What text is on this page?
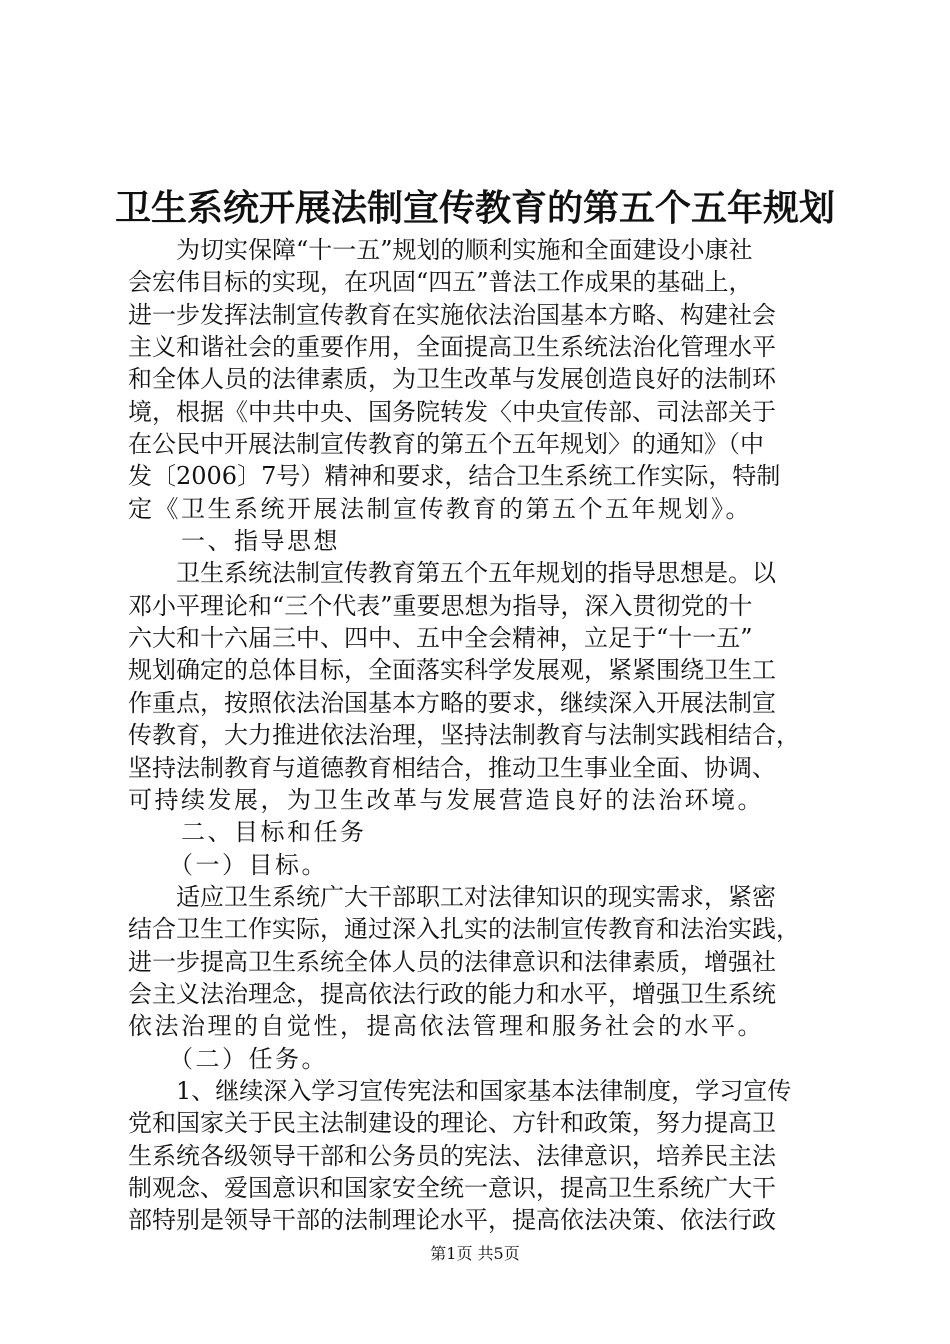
卫生系统开展法制宣传教育的第五个五年规划
　　为切实保障“十一五”规划的顺利实施和全面建设小康社
会宏伟目标的实现，在巩固“四五”普法工作成果的基础上，
进一步发挥法制宣传教育在实施依法治国基本方略、构建社会
主义和谐社会的重要作用，全面提高卫生系统法治化管理水平
和全体人员的法律素质，为卫生改革与发展创造良好的法制环
境，根据《中共中央、国务院转发〈中央宣传部、司法部关于
在公民中开展法制宣传教育的第五个五年规划〉的通知》（中
发〔2006〕7号）精神和要求，结合卫生系统工作实际，特制
定《卫生系统开展法制宣传教育的第五个五年规划》。
　　一、指导思想
　　卫生系统法制宣传教育第五个五年规划的指导思想是。以
邓小平理论和“三个代表”重要思想为指导，深入贯彻党的十
六大和十六届三中、四中、五中全会精神，立足于“十一五”
规划确定的总体目标，全面落实科学发展观，紧紧围绕卫生工
作重点，按照依法治国基本方略的要求，继续深入开展法制宣
传教育，大力推进依法治理，坚持法制教育与法制实践相结合，
坚持法制教育与道德教育相结合，推动卫生事业全面、协调、
可持续发展，为卫生改革与发展营造良好的法治环境。
　　二、目标和任务
　　（一）目标。
　　适应卫生系统广大干部职工对法律知识的现实需求，紧密
结合卫生工作实际，通过深入扎实的法制宣传教育和法治实践，
进一步提高卫生系统全体人员的法律意识和法律素质，增强社
会主义法治理念，提高依法行政的能力和水平，增强卫生系统
依法治理的自觉性，提高依法管理和服务社会的水平。
　　（二）任务。
　　1、继续深入学习宣传宪法和国家基本法律制度，学习宣传
党和国家关于民主法制建设的理论、方针和政策，努力提高卫
生系统各级领导干部和公务员的宪法、法律意识，培养民主法
制观念、爱国意识和国家安全统一意识，提高卫生系统广大干
部特别是领导干部的法制理论水平，提高依法决策、依法行政
第1页 共5页
